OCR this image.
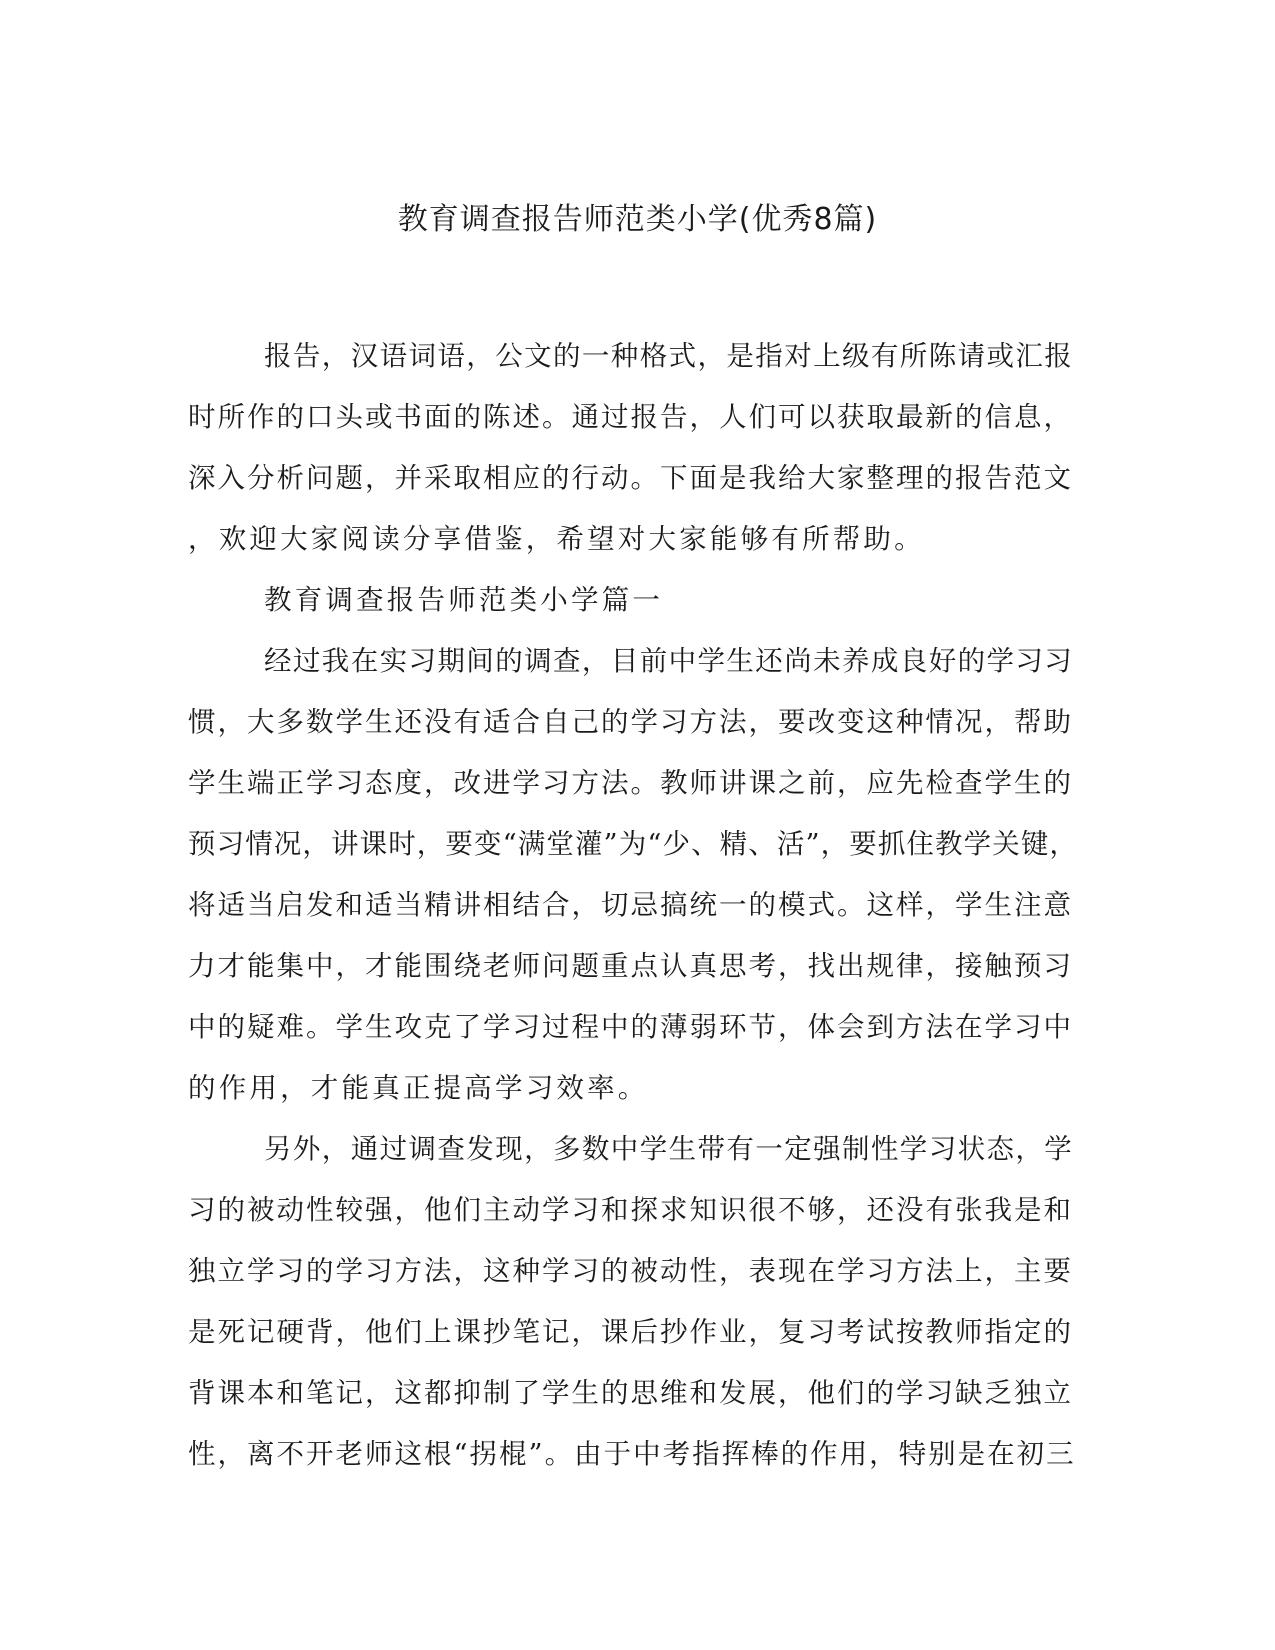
教育调查报告师范类小学(优秀8篇)
报告，汉语词语，公文的一种格式，是指对上级有所陈请或汇报
时所作的口头或书面的陈述。通过报告，人们可以获取最新的信息，
深入分析问题，并采取相应的行动。下面是我给大家整理的报告范文
，欢迎大家阅读分享借鉴，希望对大家能够有所帮助。
教育调查报告师范类小学篇一
经过我在实习期间的调查，目前中学生还尚未养成良好的学习习
惯，大多数学生还没有适合自己的学习方法，要改变这种情况，帮助
学生端正学习态度，改进学习方法。教师讲课之前，应先检查学生的
预习情况，讲课时，要变“满堂灌”为“少、精、活”，要抓住教学关键，
将适当启发和适当精讲相结合，切忌搞统一的模式。这样，学生注意
力才能集中，才能围绕老师问题重点认真思考，找出规律，接触预习
中的疑难。学生攻克了学习过程中的薄弱环节，体会到方法在学习中
的作用，才能真正提高学习效率。
另外，通过调查发现，多数中学生带有一定强制性学习状态，学
习的被动性较强，他们主动学习和探求知识很不够，还没有张我是和
独立学习的学习方法，这种学习的被动性，表现在学习方法上，主要
是死记硬背，他们上课抄笔记，课后抄作业，复习考试按教师指定的
背课本和笔记，这都抑制了学生的思维和发展，他们的学习缺乏独立
性，离不开老师这根“拐棍”。由于中考指挥棒的作用，特别是在初三
